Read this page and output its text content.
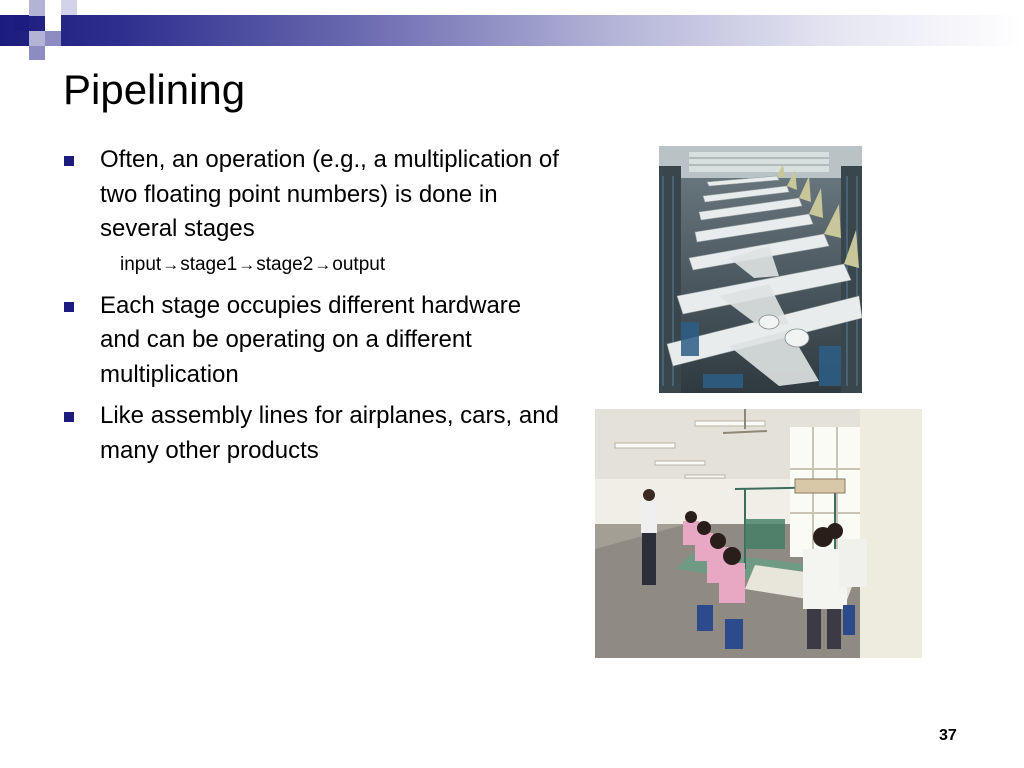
Pipelining
Often, an operation (e.g., a multiplication of two floating point numbers) is done in several stages
input → stage1 → stage2 → output
Each stage occupies different hardware and can be operating on a different multiplication
Like assembly lines for airplanes, cars, and many other products
37
